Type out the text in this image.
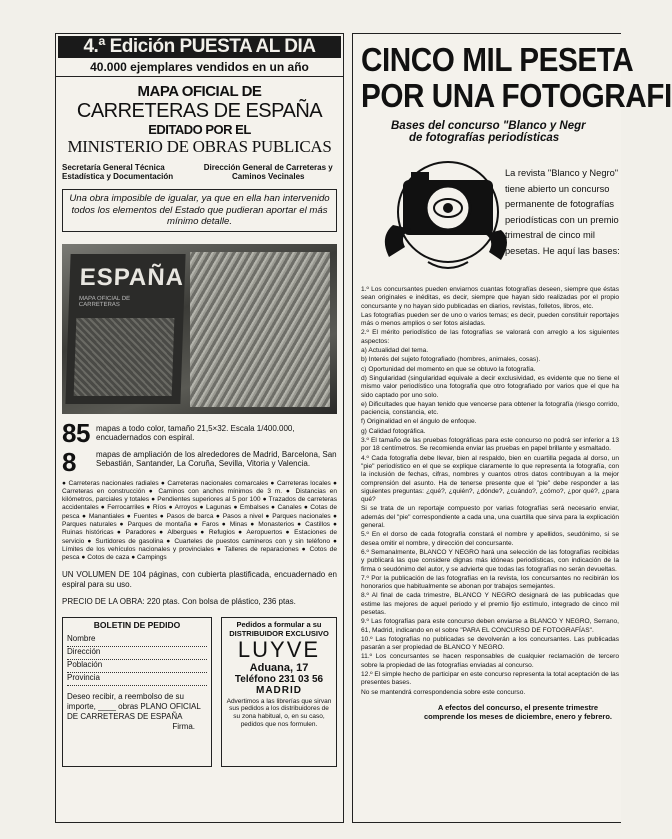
4.ª Edición PUESTA AL DIA
40.000 ejemplares vendidos en un año
MAPA OFICIAL DE
CARRETERAS DE ESPAÑA
EDITADO POR EL
MINISTERIO DE OBRAS PUBLICAS
Secretaría General Técnica Estadística y Documentación
Dirección General de Carreteras y Caminos Vecinales
Una obra imposible de igualar, ya que en ella han intervenido todos los elementos del Estado que pudieran aportar el más mínimo detalle.
ESPAÑA
MAPA OFICIAL DE CARRETERAS
85 mapas a todo color, tamaño 21,5×32. Escala 1/400.000, encuadernados con espiral.
8	mapas de ampliación de los alrededores de Madrid, Barcelona, San Sebastián, Santander, La Coruña, Sevilla, Vitoria y Valencia.
● Carreteras nacionales radiales ● Carreteras nacionales comarcales ● Carreteras locales ● Carreteras en construcción ● Caminos con anchos mínimos de 3 m. ● Distancias en kilómetros, parciales y totales ● Pendientes superiores al 5 por 100 ● Trazados de carreteras accidentales ● Ferrocarriles ● Ríos ● Arroyos ● Lagunas ● Embalses ● Canales ● Cotas de pesca ● Manantiales ● Fuentes ● Pasos de barca ● Pasos a nivel ● Parques nacionales ● Parques naturales ● Parques de montaña ● Faros ● Minas ● Monasterios ● Castillos ● Ruinas históricas ● Paradores ● Albergues ● Refugios ● Aeropuertos ● Estaciones de servicio ● Surtidores de gasolina ● Cuarteles de puestos camineros con y sin teléfono ● Límites de los vehículos nacionales y provinciales ● Talleres de reparaciones ● Cotos de pesca ● Cotos de caza ● Campings
UN VOLUMEN DE 104 páginas, con cubierta plastificada, encuadernado en espiral para su uso.
PRECIO DE LA OBRA: 220 ptas. Con bolsa de plástico, 236 ptas.
BOLETIN DE PEDIDO
Nombre
Dirección
Población
Provincia
Deseo recibir, a reembolso de su importe, ____ obras PLANO OFICIAL DE CARRETERAS DE ESPAÑA
Firma.
Pedidos a formular a su DISTRIBUIDOR EXCLUSIVO
LUYVE
Aduana, 17
Teléfono 231 03 56
MADRID
Advertimos a las librerías que sirvan sus pedidos a los distribuidores de su zona habitual, o, en su caso, pedidos que nos formulen.
CINCO MIL PESETA
POR UNA FOTOGRAFI
Bases del concurso "Blanco y Negr
de fotografías periodísticas
La revista "Blanco y Negro" tiene abierto un concurso permanente de fotografías periodísticas con un premio trimestral de cinco mil pesetas. He aquí las bases:

1.º Los concursantes pueden enviarnos cuantas fotografías deseen, siempre que éstas sean originales e inéditas, es decir, siempre que hayan sido realizadas por el propio concursante y no hayan sido publicadas en diarios, revistas, folletos, libros, etc.

Las fotografías pueden ser de uno o varios temas; es decir, pueden constituir reportajes más o menos amplios o ser fotos aisladas.

2.º El mérito periodístico de las fotografías se valorará con arreglo a los siguientes aspectos:

a) Actualidad del tema.

b) Interés del sujeto fotografiado (hombres, animales, cosas).

c) Oportunidad del momento en que se obtuvo la fotografía.

d) Singularidad (singularidad equivale a decir exclusividad, es evidente que no tiene el mismo valor periodístico una fotografía que otro fotografiado por varios que el que ha sido captado por uno solo.

e) Dificultades que hayan tenido que vencerse para obtener la fotografía (riesgo corrido, paciencia, constancia, etc.

f) Originalidad en el ángulo de enfoque.

g) Calidad fotográfica.

3.º El tamaño de las pruebas fotográficas para este concurso no podrá ser inferior a 13 por 18 centímetros. Se recomienda enviar las pruebas en papel brillante y esmaltado.

4.º Cada fotografía debe llevar, bien al respaldo, bien en cuartilla pegada al dorso, un "pie" periodístico en el que se explique claramente lo que representa la fotografía, con la inclusión de fechas, cifras, nombres y cuantos otros datos contribuyan a la mejor comprensión del asunto. Ha de tenerse presente que el "pie" debe responder a las siguientes preguntas: ¿qué?, ¿quién?, ¿dónde?, ¿cuándo?, ¿cómo?, ¿por qué?, ¿para qué?

Si se trata de un reportaje compuesto por varias fotografías será necesario enviar, además del "pie" correspondiente a cada una, una cuartilla que sirva para la explicación general.

5.º En el dorso de cada fotografía constará el nombre y apellidos, seudónimo, si se desea omitir el nombre, y dirección del concursante.

6.º Semanalmente, BLANCO Y NEGRO hará una selección de las fotografías recibidas y publicará las que considere dignas más idóneas periodísticas, con indicación de la firma o seudónimo del autor, y se advierte que todas las fotografías no serán devueltas.

7.º Por la publicación de las fotografías en la revista, los concursantes no recibirán los honorarios que habitualmente se abonan por trabajos semejantes.

8.º Al final de cada trimestre, BLANCO Y NEGRO designará de las publicadas que estime las mejores de aquel periodo y el premio fijo estímulo, integrado de cinco mil pesetas.

9.º Las fotografías para este concurso deben enviarse a BLANCO Y NEGRO, Serrano, 61, Madrid, indicando en el sobre "PARA EL CONCURSO DE FOTOGRAFÍAS".

10.º Las fotografías no publicadas se devolverán a los concursantes. Las publicadas pasarán a ser propiedad de BLANCO Y NEGRO.

11.º Los concursantes se hacen responsables de cualquier reclamación de tercero sobre la propiedad de las fotografías enviadas al concurso.

12.º El simple hecho de participar en este concurso representa la total aceptación de las presentes bases.

No se mantendrá correspondencia sobre este concurso.

A efectos del concurso, el presente trimestre comprende los meses de diciembre, enero y febrero.
